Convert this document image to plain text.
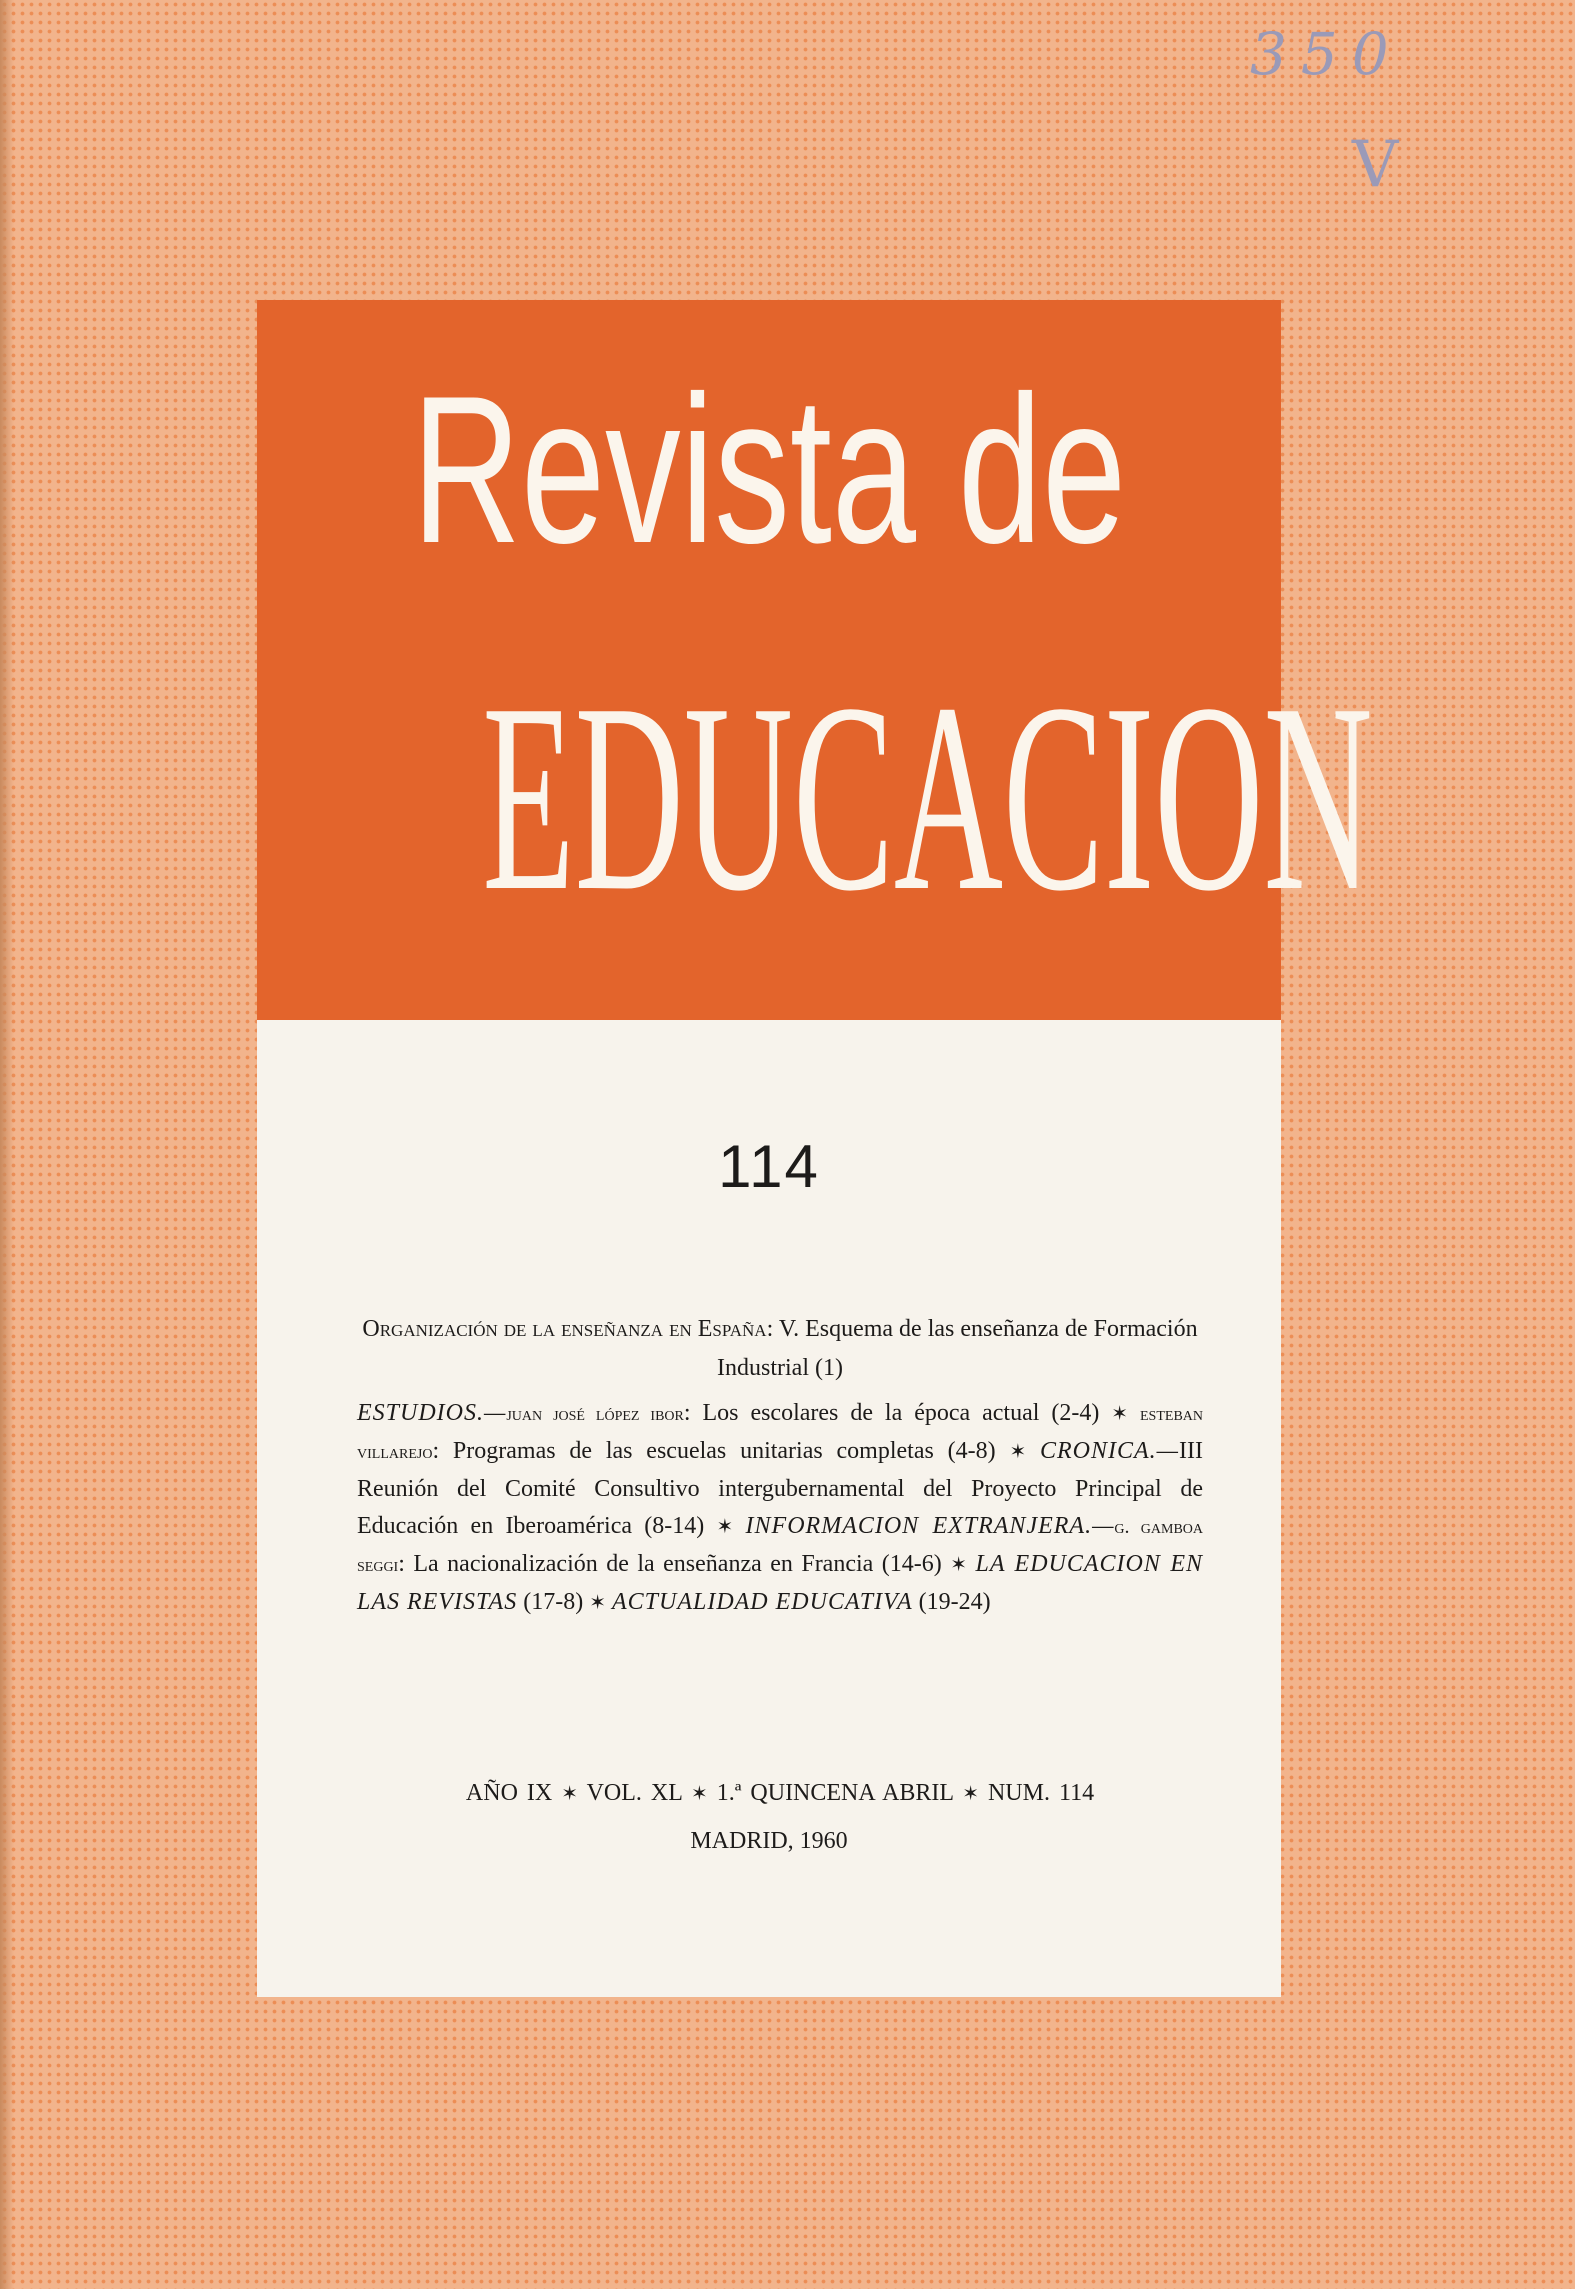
350
V
Revista de
EDUCACION
114
Organización de la enseñanza en España: V. Esquema de las enseñanza de Formación Industrial (1)
ESTUDIOS.—juan josé lópez ibor: Los escolares de la época actual (2-4) ✶ esteban villarejo: Programas de las escuelas unitarias completas (4-8) ✶ CRONICA.—III Reunión del Comité Consultivo intergubernamental del Proyecto Principal de Educación en Iberoamérica (8-14) ✶ INFORMACION EXTRANJERA.—g. gamboa seggi: La nacionalización de la enseñanza en Francia (14-6) ✶ LA EDUCACION EN LAS REVISTAS (17-8) ✶ ACTUALIDAD EDUCATIVA (19-24)
AÑO IX ✶ VOL. XL ✶ 1.ª QUINCENA ABRIL ✶ NUM. 114
MADRID, 1960
